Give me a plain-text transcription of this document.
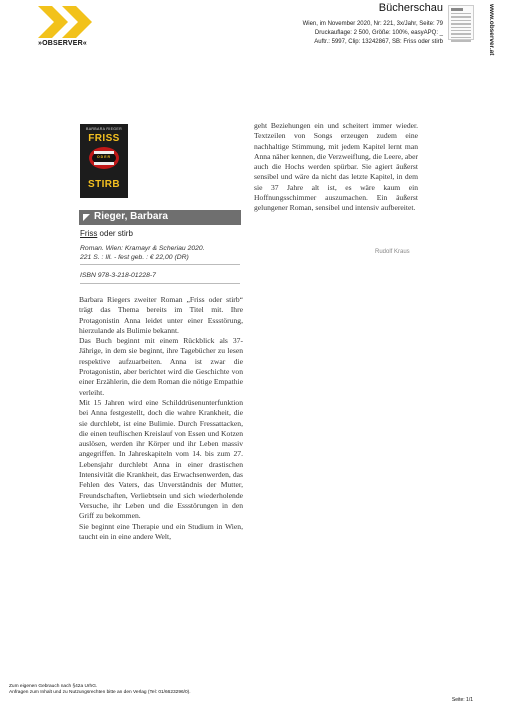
»OBSERVER«
Bücherschau
Wien, im November 2020, Nr: 221, 3x/Jahr, Seite: 79
Druckauflage: 2 500, Größe: 100%, easyAPQ: _
Auftr.: 5997, Clip: 13242867, SB: Friss oder stirb	www.observer.at
BARBARA RIEGER
FRISS
ODER
STIRB
Rieger, Barbara
Friss oder stirb
Roman. Wien: Kramayr & Scheriau 2020.
221 S. : Ill. - fest geb. : € 22,00 (DR)
ISBN 978-3-218-01228-7

Barbara Riegers zweiter Roman „Friss oder stirb“ trägt das Thema bereits im Titel mit. Ihre Protagonistin Anna leidet unter einer Essstörung, hierzulande als Bulimie bekannt.

Das Buch beginnt mit einem Rückblick als 37-Jährige, in dem sie beginnt, ihre Tagebücher zu lesen respektive aufzuarbeiten. Anna ist zwar die Protagonistin, aber berichtet wird die Geschichte von einer Erzählerin, die dem Roman die nötige Empathie verleiht.

Mit 15 Jahren wird eine Schilddrüsenunterfunktion bei Anna festgestellt, doch die wahre Krankheit, die sie durchlebt, ist eine Bulimie. Durch Fressattacken, die einen teuflischen Kreislauf von Essen und Kotzen auslösen, werden ihr Körper und ihr Leben massiv angegriffen. In Jahreskapiteln vom 14. bis zum 27. Lebensjahr durchlebt Anna in einer drastischen Intensivität die Krankheit, das Erwachsenwerden, das Fehlen des Vaters, das Unverständnis der Mutter, Freundschaften, Verliebtsein und sich wiederholende Versuche, ihr Leben und die Essstörungen in den Griff zu bekommen.

Sie beginnt eine Therapie und ein Studium in Wien, taucht ein in eine andere Welt,

geht Beziehungen ein und scheitert immer wieder. Textzeilen von Songs erzeugen zudem eine nachhaltige Stimmung, mit jedem Kapitel lernt man Anna näher kennen, die Verzweiflung, die Leere, aber auch die Hochs werden spürbar. Sie agiert äußerst sensibel und wäre da nicht das letzte Kapitel, in dem sie 37 Jahre alt ist, es wäre kaum ein Hoffnungsschimmer auszumachen. Ein äußerst gelungener Roman, sensibel und intensiv aufbereitet.

Rudolf Kraus
Zum eigenen Gebrauch nach §42a UrhG.
Anfragen zum Inhalt und zu Nutzungsrechten bitte an den Verlag (Tel: 01/6623296/0).
Seite: 1/1
